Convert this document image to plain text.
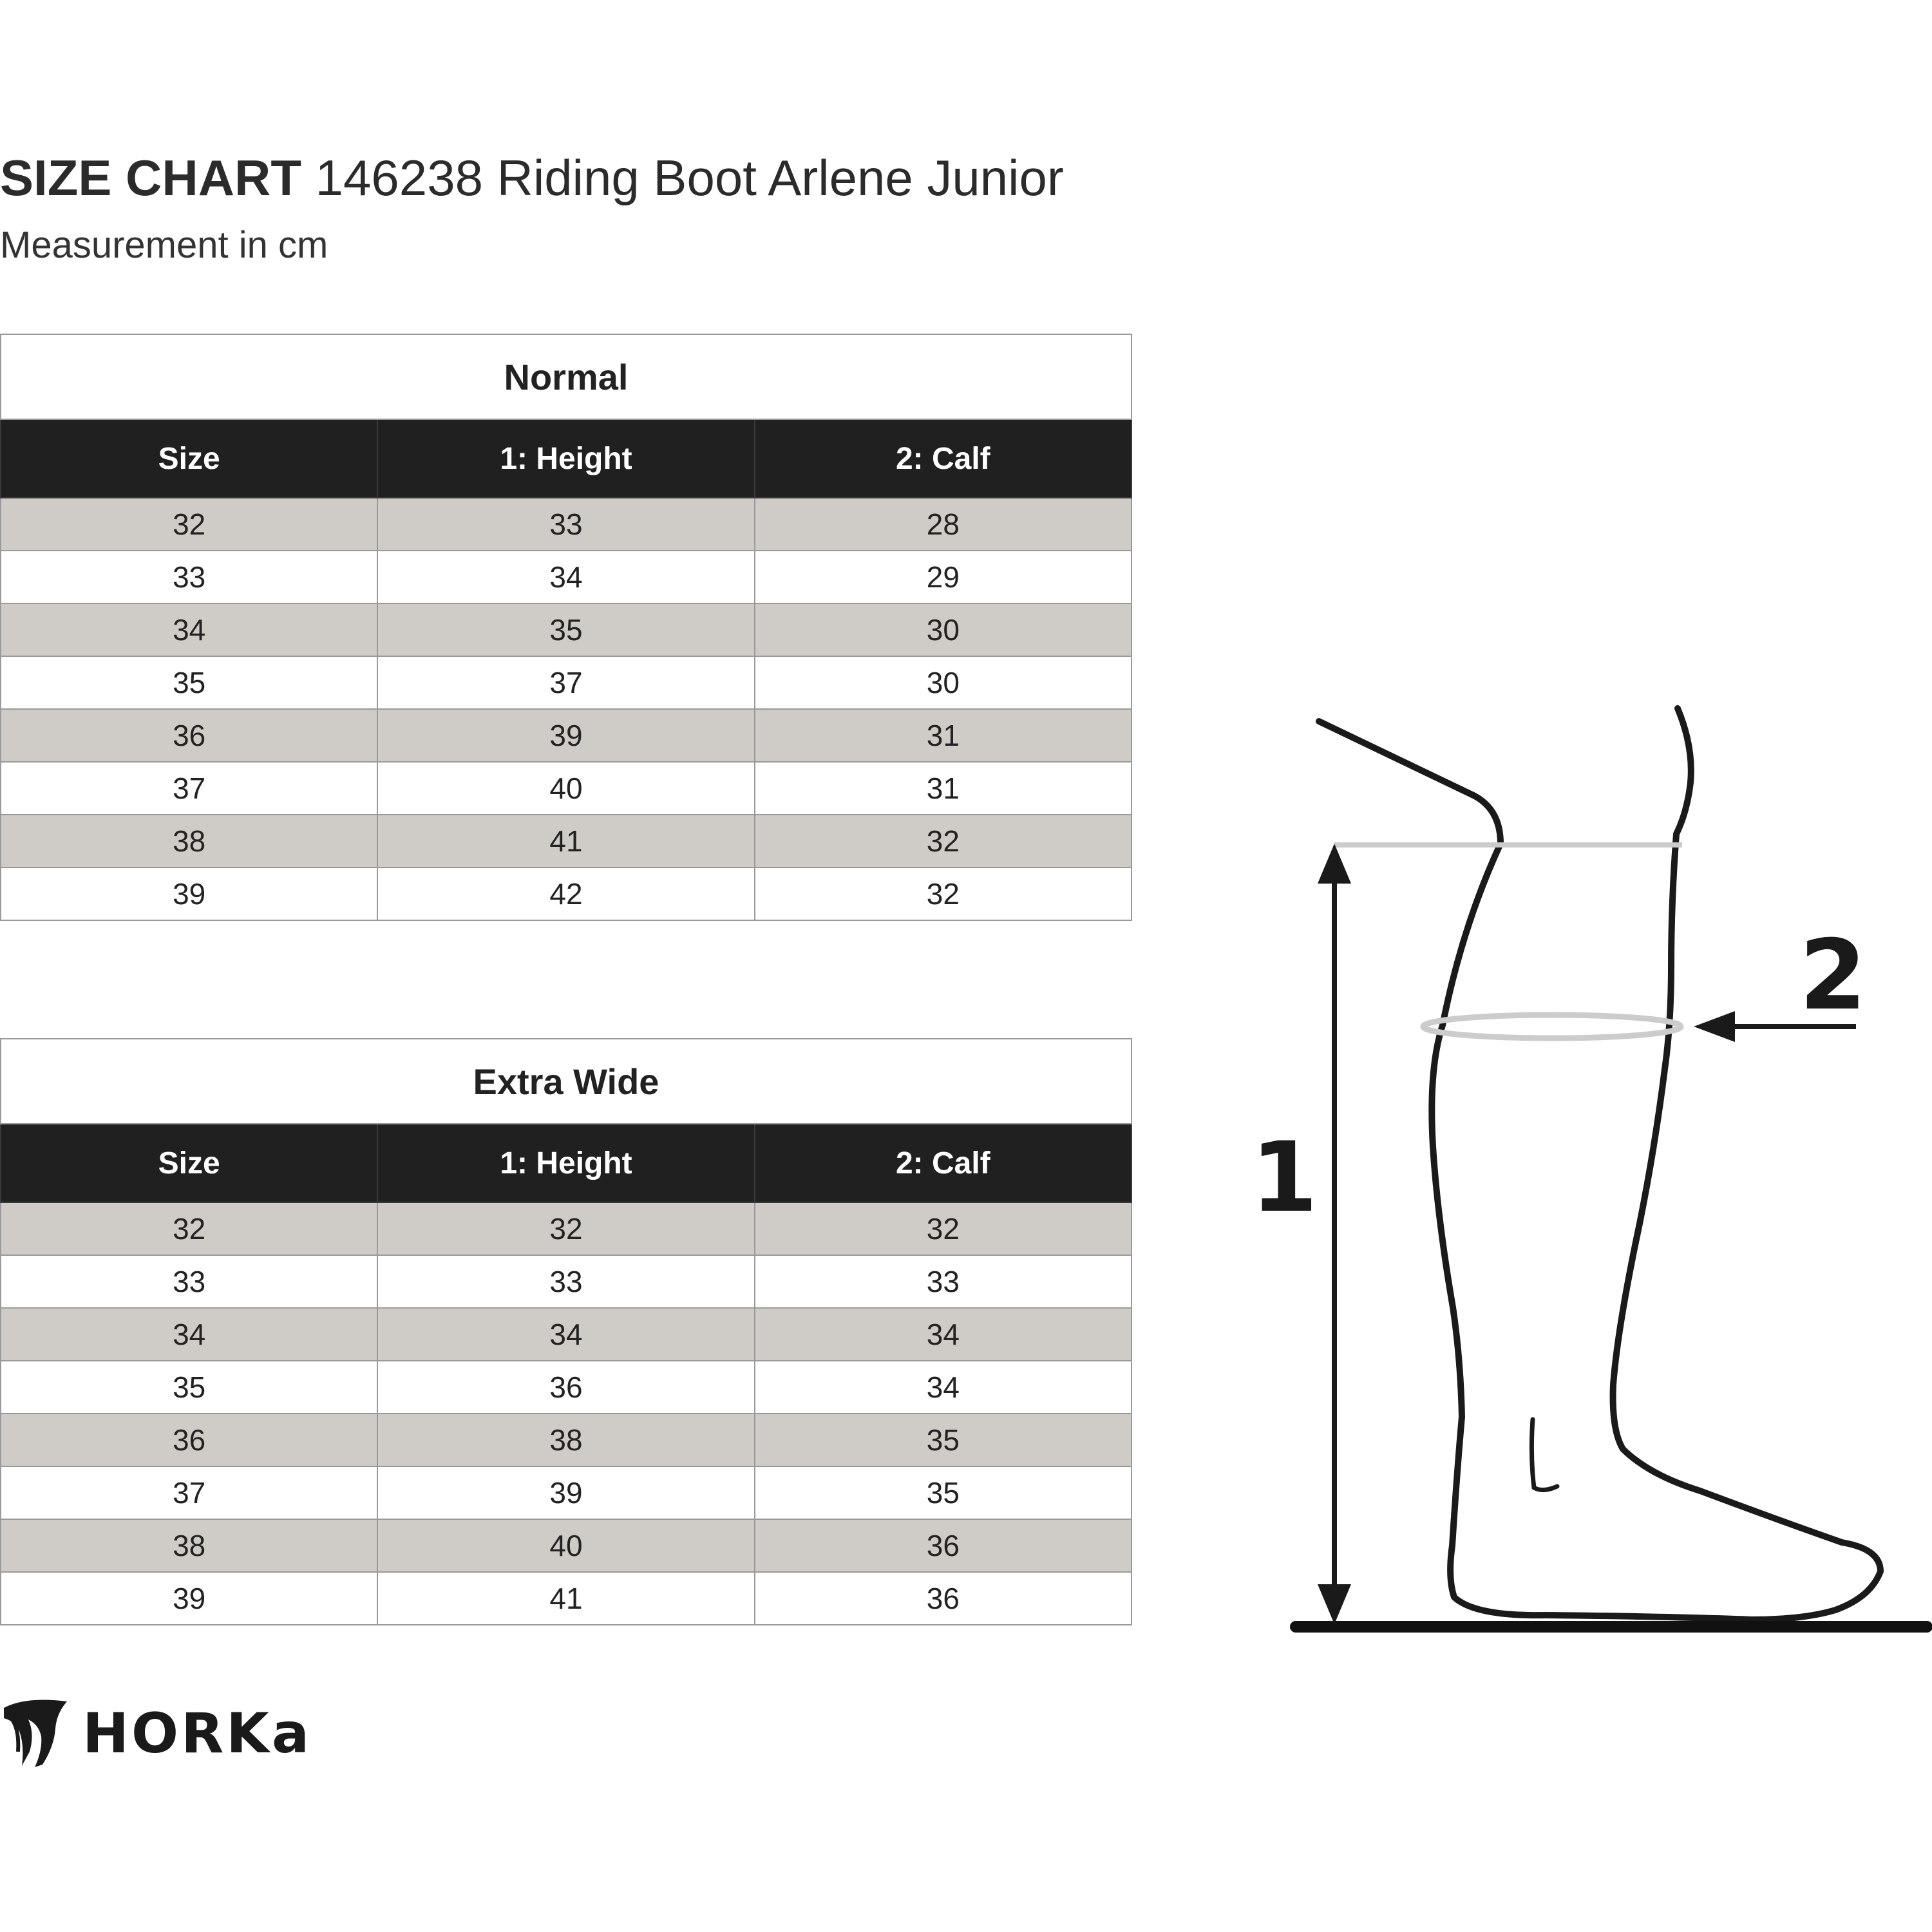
SIZE CHART 146238 Riding Boot Arlene Junior
Measurement in cm
Normal		
Size	1: Height	2: Calf
32	33	28
33	34	29
34	35	30
35	37	30
36	39	31
37	40	31
38	41	32
39	42	32
Extra Wide		
Size	1: Height	2: Calf
32	32	32
33	33	33
34	34	34
35	36	34
36	38	35
37	39	35
38	40	36
39	41	36
1
2
HORKa
